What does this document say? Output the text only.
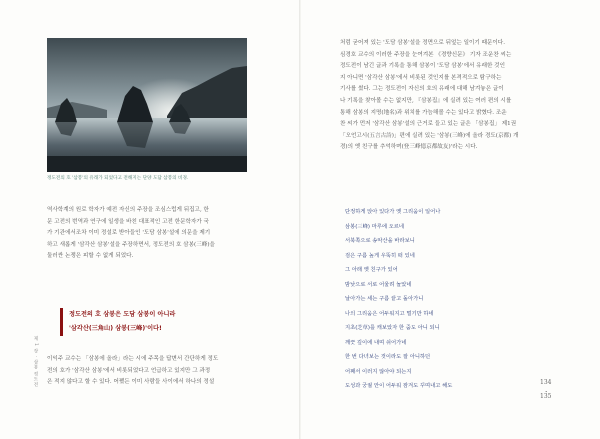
정도전의 호 '삼봉'의 유래가 되었다고 전해지는 단양 도담 삼봉의 비경.

역사학계의 원로 학자가 예전 자신의 주장을 조심스럽게 뒤집고, 한
문 고전의 번역과 연구에 일생을 바친 대표적인 고전 한문학자가 국
가 기관에서조차 이미 정설로 받아들인 '도담 삼봉'설에 의문을 제기
하고 새롭게 '삼각산 삼봉'설을 주장하면서, 정도전의 호 삼봉(三峰)을
둘러싼 논쟁은 피할 수 없게 되었다.

정도전의 호 삼봉은 도담 삼봉이 아니라
'삼각산(三角山) 삼봉(三峰)'이다!

이익주 교수는 「삼봉에 올라」라는 시에 주목을 답변서 간단하게 정도
전의 호가 '삼각산 삼봉'에서 비롯되었다고 언급하고 있지만 그 과정
은 적지 않다고 할 수 있다. 어쨌든 이미 사람들 사이에서 하나의 정설

제 1 장 · 삼봉 정도전

처럼 굳어져 있는 '도담 삼봉'설을 정면으로 뒤엎는 일이기 때문이다.
심경호 교수의 이러한 주장을 눈여겨본 《경향신문》 기자 조운찬 씨는
정도전이 남긴 글과 기록을 통해 삼봉이 '도담 삼봉'에서 유래한 것인
지 아니면 '삼각산 삼봉'에서 비롯된 것인지를 본격적으로 탐구하는
기사를 썼다. 그는 정도전이 자신의 호의 유래에 대해 남겨놓은 글이
나 기록을 찾아볼 수는 없지만, 『삼봉집』에 실려 있는 여러 편의 시를
통해 삼봉의 지명(地名)과 위치를 가늠해볼 수는 있다고 밝혔다. 조운
찬 씨가 먼저 '삼각산 삼봉'설의 근거로 들고 있는 글은 「삼봉집」 제1권
「오언고시(五言古詩)」편에 실려 있는 '삼봉(三峰)에 올라 경도(京都) 개
경)의 옛 친구를 추억하며(登三峰憶京都故友)'라는 시다.

단정하게 앉아 있다가 옛 그리움이 일어나
삼봉(三峰) 마루에 오르네
서북쪽으로 송악산을 바라보니
검은 구름 높게 우뚝히 떠 있네
그 아래 옛 친구가 있어
밤낮으로 서로 어울려 놀았네
날아가는 세는 구름 끝고 돌아가니
나의 그리움은 어두워지고 멀기만 하네
지초(芝草)를 캐보았자 한 줌도 아니 되니
깨끗 깊이에 내며 쉬어가네
한 번 다녀보는 것이라도 잘 아니하던
어째서 이러지 않아야 되는지
도성과 궁궐 안이 어두워 잠겨도 꾸며내고 해도	134
•
135
